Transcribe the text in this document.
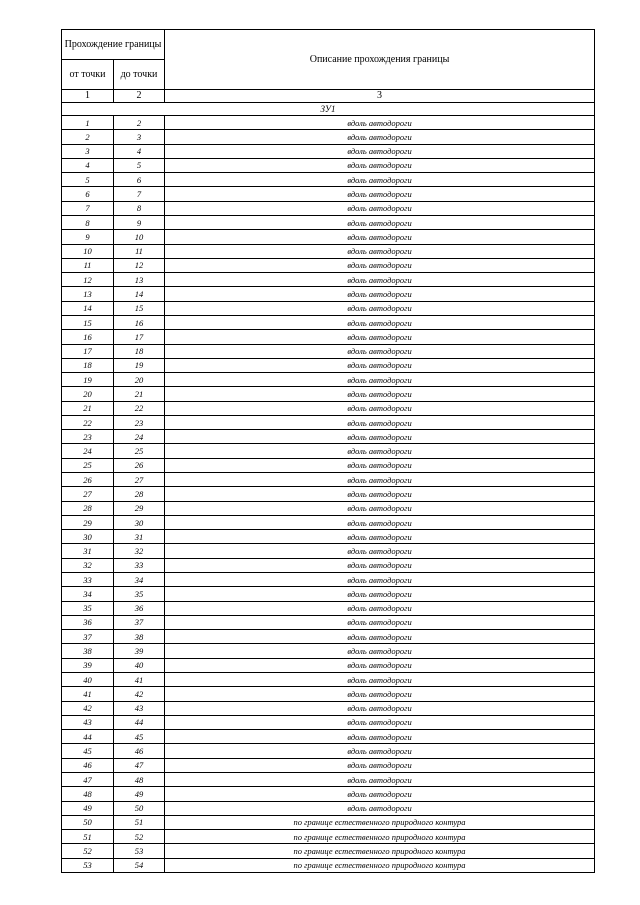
Прохождение границы		Описание прохождения границы
от точки	до точки	
1	2	3
ЗУ1		
1	2	вдоль автодороги
2	3	вдоль автодороги
3	4	вдоль автодороги
4	5	вдоль автодороги
5	6	вдоль автодороги
6	7	вдоль автодороги
7	8	вдоль автодороги
8	9	вдоль автодороги
9	10	вдоль автодороги
10	11	вдоль автодороги
11	12	вдоль автодороги
12	13	вдоль автодороги
13	14	вдоль автодороги
14	15	вдоль автодороги
15	16	вдоль автодороги
16	17	вдоль автодороги
17	18	вдоль автодороги
18	19	вдоль автодороги
19	20	вдоль автодороги
20	21	вдоль автодороги
21	22	вдоль автодороги
22	23	вдоль автодороги
23	24	вдоль автодороги
24	25	вдоль автодороги
25	26	вдоль автодороги
26	27	вдоль автодороги
27	28	вдоль автодороги
28	29	вдоль автодороги
29	30	вдоль автодороги
30	31	вдоль автодороги
31	32	вдоль автодороги
32	33	вдоль автодороги
33	34	вдоль автодороги
34	35	вдоль автодороги
35	36	вдоль автодороги
36	37	вдоль автодороги
37	38	вдоль автодороги
38	39	вдоль автодороги
39	40	вдоль автодороги
40	41	вдоль автодороги
41	42	вдоль автодороги
42	43	вдоль автодороги
43	44	вдоль автодороги
44	45	вдоль автодороги
45	46	вдоль автодороги
46	47	вдоль автодороги
47	48	вдоль автодороги
48	49	вдоль автодороги
49	50	вдоль автодороги
50	51	по границе естественного природного контура
51	52	по границе естественного природного контура
52	53	по границе естественного природного контура
53	54	по границе естественного природного контура
